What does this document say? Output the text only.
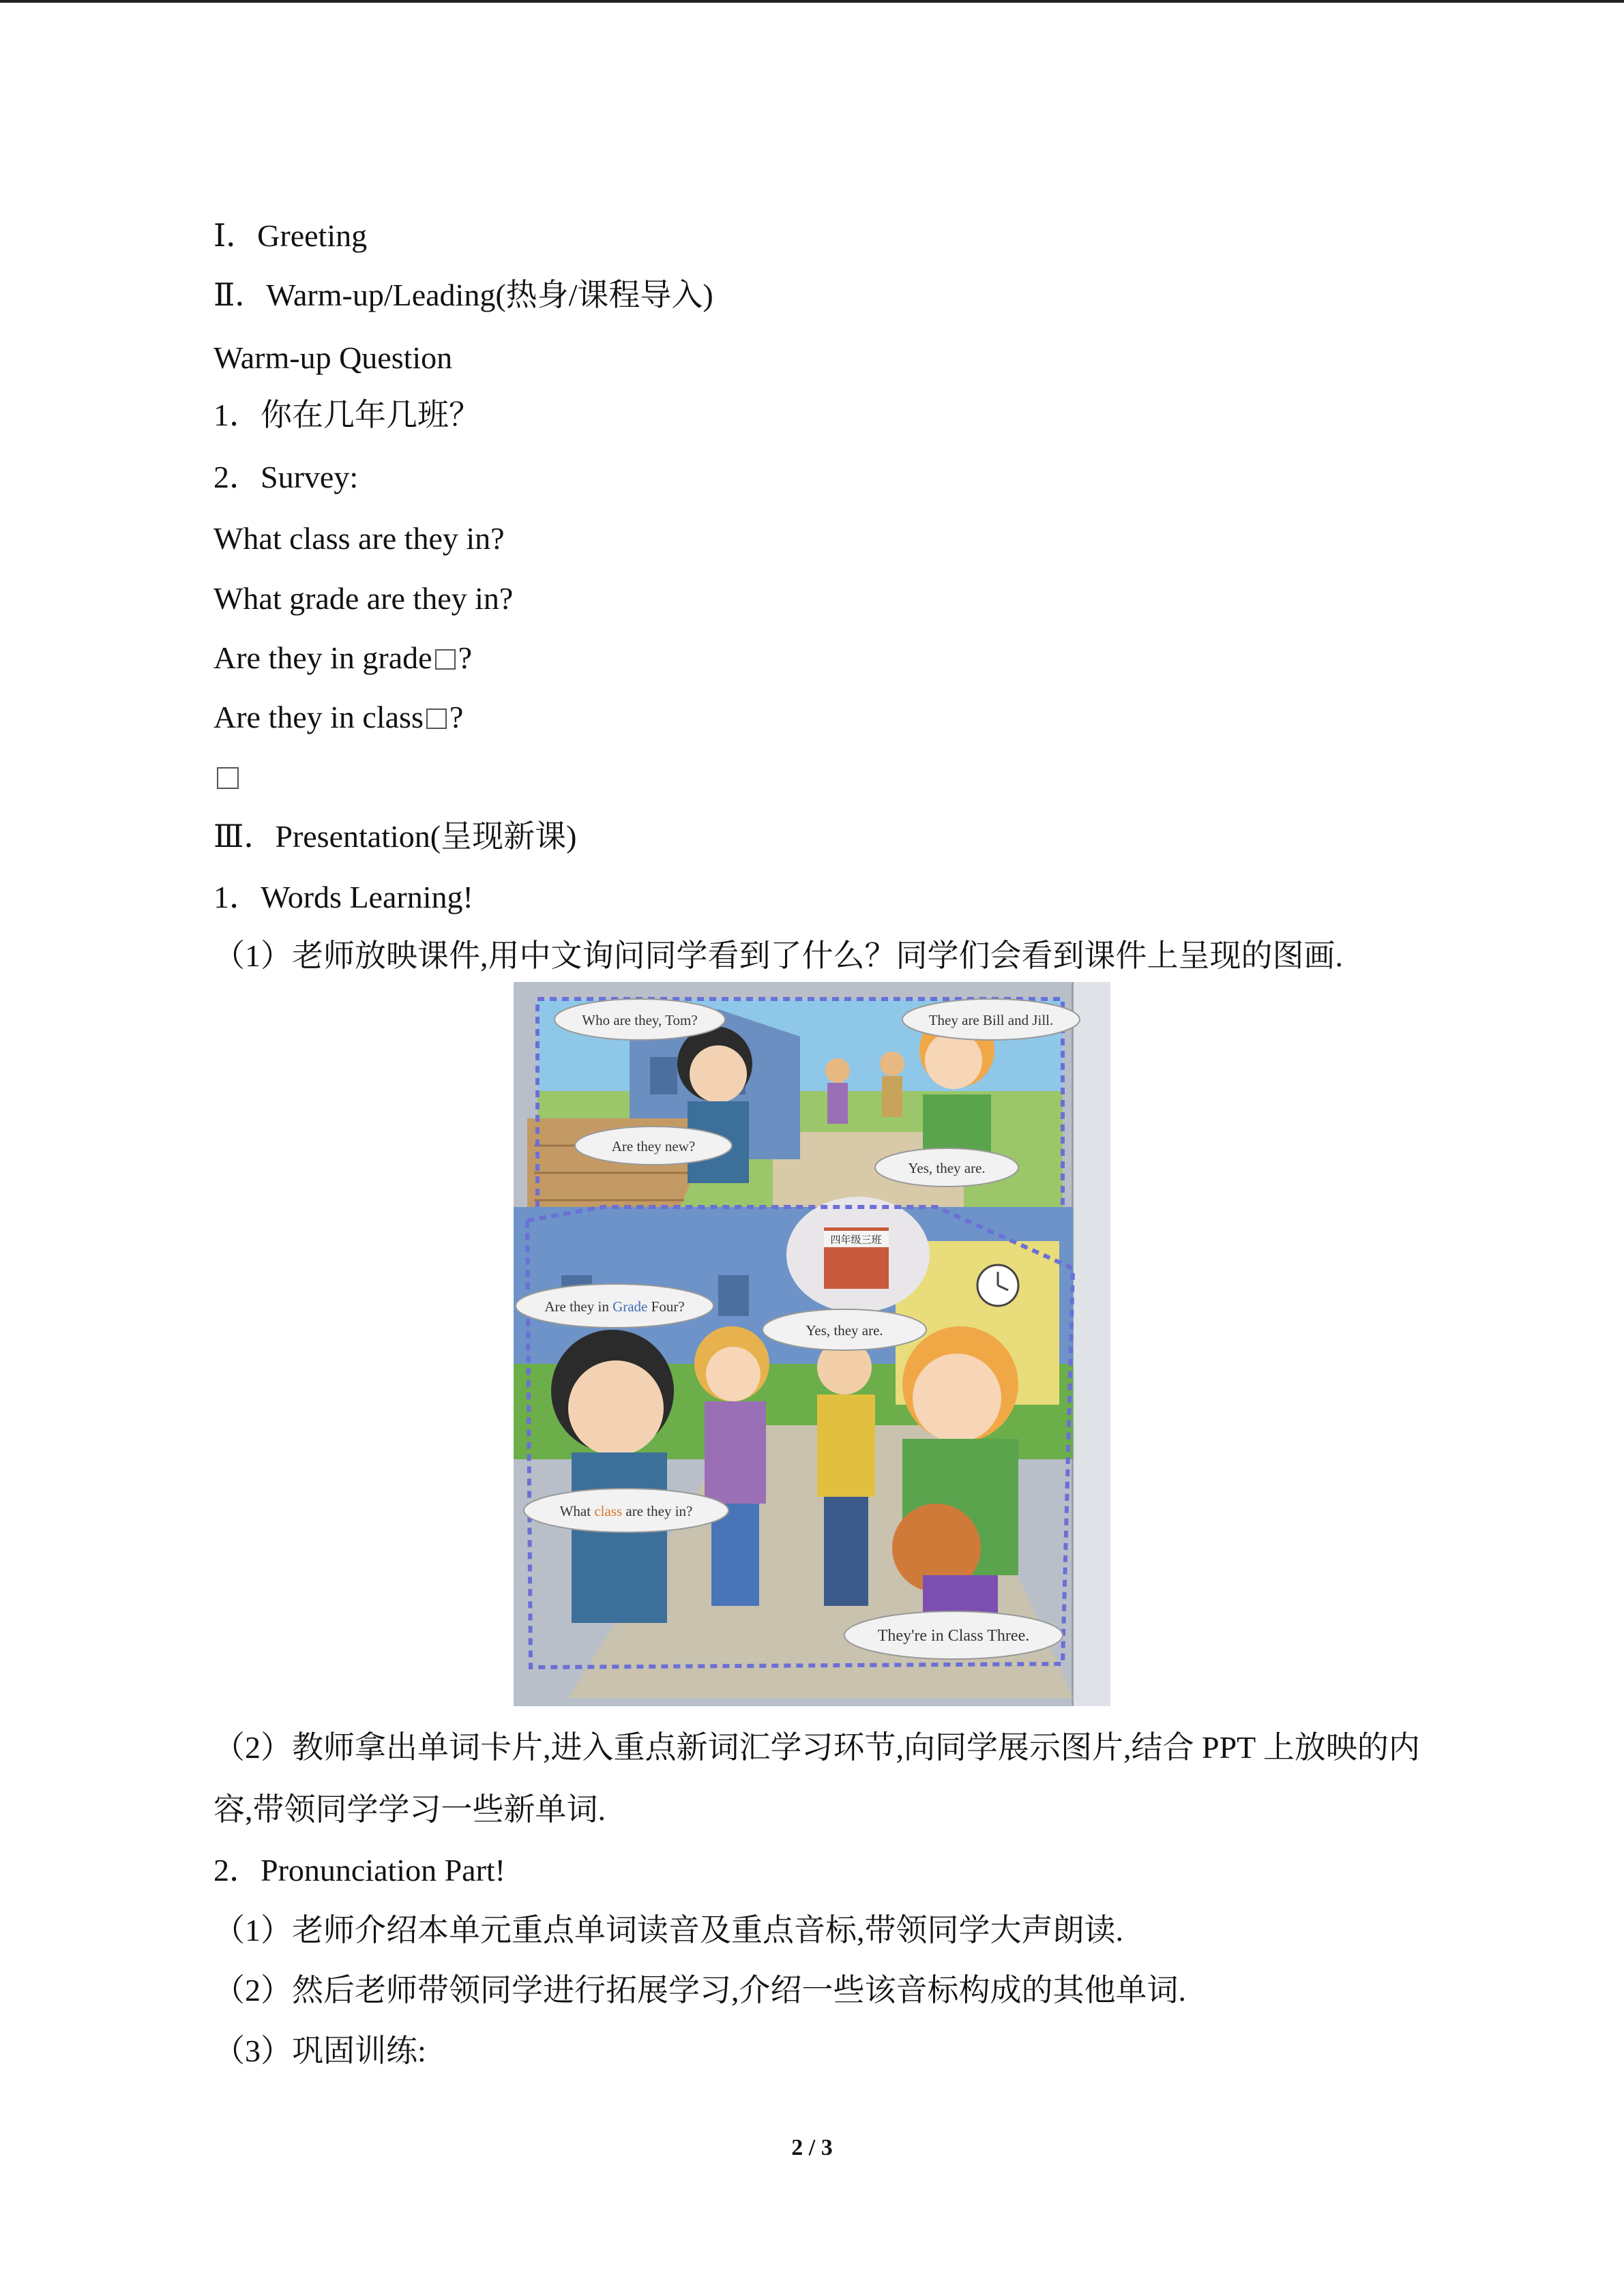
Ⅰ．Greeting
Ⅱ．Warm-up/Leading(热身/课程导入)
Warm-up Question
1．你在几年几班？
2．Survey:
What class are they in?
What grade are they in?
Are they in grade ?
Are they in class ?
Ⅲ．Presentation(呈现新课)
1．Words Learning!
（1）老师放映课件,用中文询问同学看到了什么？同学们会看到课件上呈现的图画.
四年级三班
Who are they, Tom?	They are Bill and Jill.
Are they new?
Yes, they are.
Are they in Grade Four?
Yes, they are.
What class are they in?
They're in Class Three.
（2）教师拿出单词卡片,进入重点新词汇学习环节,向同学展示图片,结合 PPT 上放映的内
容,带领同学学习一些新单词.
2．Pronunciation Part!
（1）老师介绍本单元重点单词读音及重点音标,带领同学大声朗读.
（2）然后老师带领同学进行拓展学习,介绍一些该音标构成的其他单词.
（3）巩固训练:
2 / 3
